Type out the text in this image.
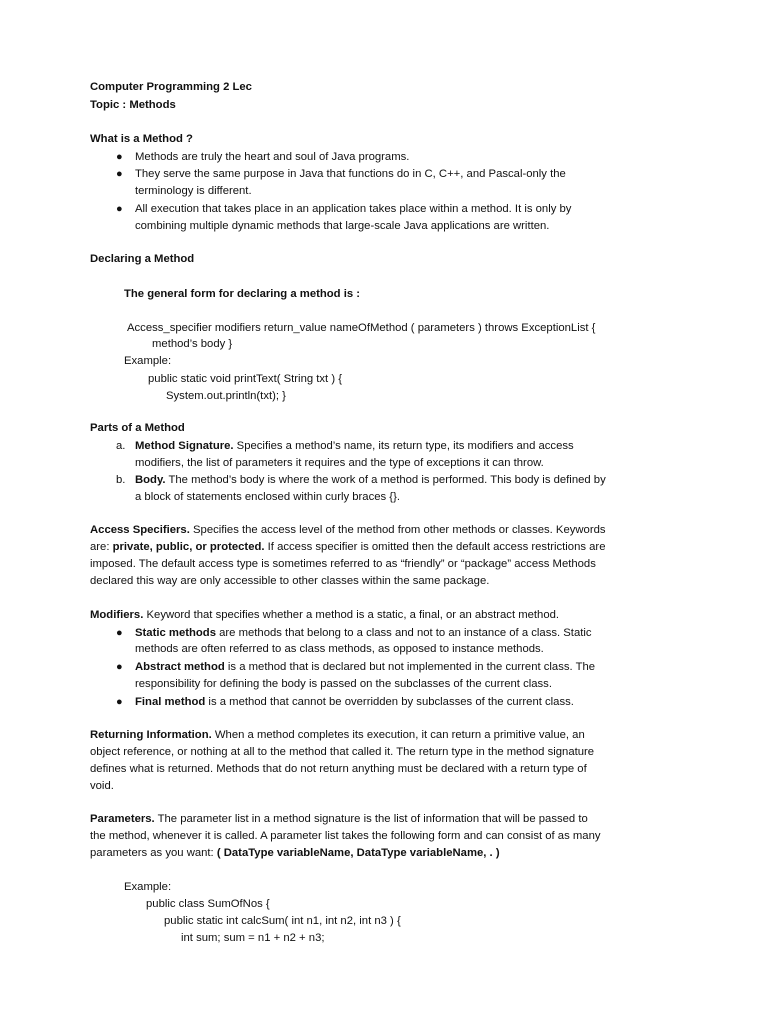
Computer Programming 2 Lec
Topic : Methods
What is a Method ?
● Methods are truly the heart and soul of Java programs.
● They serve the same purpose in Java that functions do in C, C++, and Pascal-only the
terminology is different.
● All execution that takes place in an application takes place within a method. It is only by
combining multiple dynamic methods that large-scale Java applications are written.
Declaring a Method
The general form for declaring a method is :
Access_specifier modifiers return_value nameOfMethod ( parameters ) throws ExceptionList {
method’s body }
Example:
public static void printText( String txt ) {
System.out.println(txt); }
Parts of a Method
a. Method Signature. Specifies a method’s name, its return type, its modifiers and access
modifiers, the list of parameters it requires and the type of exceptions it can throw.
b. Body. The method’s body is where the work of a method is performed. This body is defined by
a block of statements enclosed within curly braces {}.
Access Specifiers. Specifies the access level of the method from other methods or classes. Keywords
are: private, public, or protected. If access specifier is omitted then the default access restrictions are
imposed. The default access type is sometimes referred to as “friendly” or “package” access Methods
declared this way are only accessible to other classes within the same package.
Modifiers. Keyword that specifies whether a method is a static, a final, or an abstract method.
● Static methods are methods that belong to a class and not to an instance of a class. Static
methods are often referred to as class methods, as opposed to instance methods.
● Abstract method is a method that is declared but not implemented in the current class. The
responsibility for defining the body is passed on the subclasses of the current class.
● Final method is a method that cannot be overridden by subclasses of the current class.
Returning Information. When a method completes its execution, it can return a primitive value, an
object reference, or nothing at all to the method that called it. The return type in the method signature
defines what is returned. Methods that do not return anything must be declared with a return type of
void.
Parameters. The parameter list in a method signature is the list of information that will be passed to
the method, whenever it is called. A parameter list takes the following form and can consist of as many
parameters as you want: ( DataType variableName, DataType variableName, . )
Example:
public class SumOfNos {
public static int calcSum( int n1, int n2, int n3 ) {
int sum; sum = n1 + n2 + n3;
